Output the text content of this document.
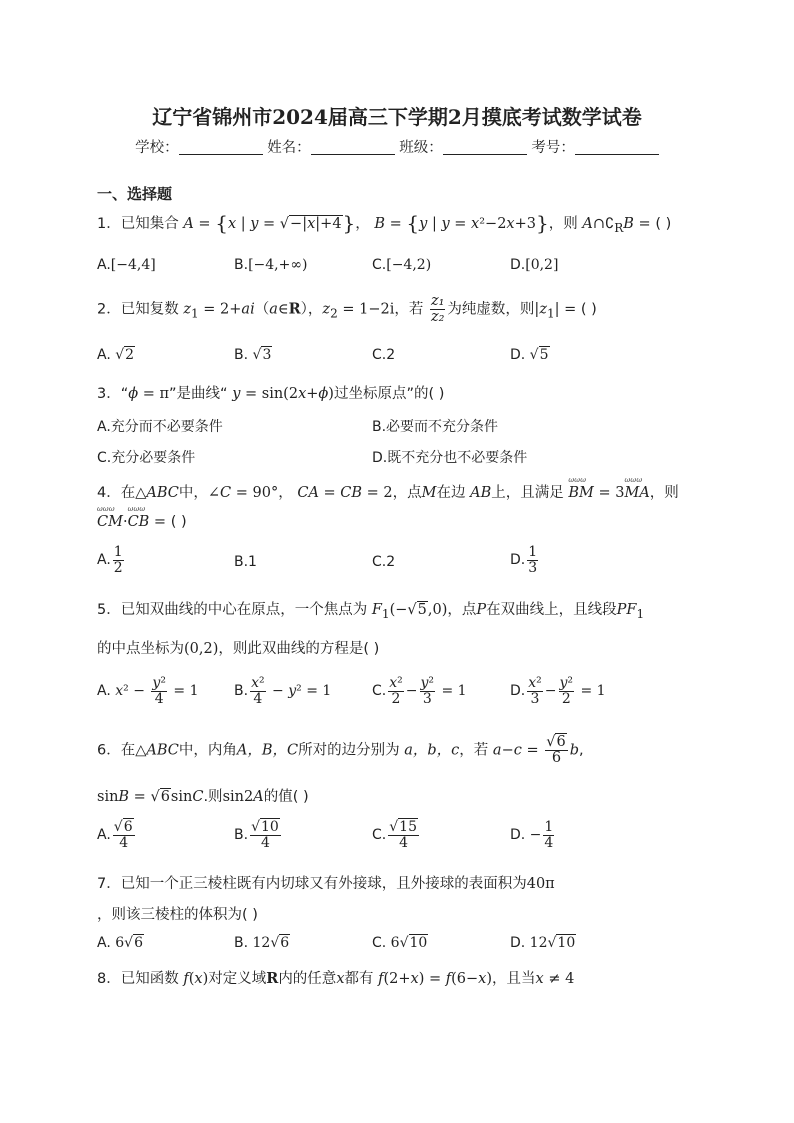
辽宁省锦州市2024届高三下学期2月摸底考试数学试卷
学校：	姓名：	班级：	考号：
一、选择题
1．已知集合 A = {x | y = √−|x|+4}， B = {y | y = x²−2x+3}，则 $A\cap∁_RB$ = ( )
A.[−4,4]	B.[−4,+∞)	C.[−4,2)	D.[0,2]
2．已知复数 $z_1$ = 2+ai（a∈R），$z_2 = 1-2i$，若 $\frac{\text{z₁}}{\text{z₂}}$ 为纯虚数，则$|z_1|$ = ( )
A. √2	B. √3	C.2	D. √5
3．“ϕ = π”是曲线“ y = sin(2x+ϕ)过坐标原点”的( )
A.充分而不必要条件	B.必要而不充分条件
C.充分必要条件	D.既不充分也不必要条件
4．在△ABC中，∠C = 90°， CA = CB = 2，点M在边 AB上，且满足 ω ω ω BM = 3ω ω ω MA，则
ω ω ω CM·ω ω ω CB = ( )
A. $\frac{1}{2}$	B.1	C.2	D. $\frac{1}{3}$
5．已知双曲线的中心在原点，一个焦点为 $F_1(-√5,0)$，点P在双曲线上，且线段$PF_1$
的中点坐标为(0,2)，则此双曲线的方程是( )
A. $x^2 - \frac{\text{y²}}{4} = 1$	B. $\frac{\text{x²}}{4} - y^2 = 1$	C. $\frac{\text{x²}}{2} - \frac{\text{y²}}{3} = 1$	D. $\frac{\text{x²}}{3} - \frac{\text{y²}}{2} = 1$
6．在△ABC中，内角A，B，C所对的边分别为 a，b，c，若 $a-c = \frac{√6}{6} b$,
sinB = √6sinC.则sin2A的值( )
A. $\frac{√6}{4}$	B. $\frac{√10}{4}$	C. $\frac{√15}{4}$	D. − $\frac{1}{4}$
7．已知一个正三棱柱既有内切球又有外接球，且外接球的表面积为40π
，则该三棱柱的体积为( )
A. 6√6	B. 12√6	C. 6√10	D. 12√10
8．已知函数 f(x)对定义域R内的任意x都有 f(2+x) = f(6−x)，且当x ≠ 4
